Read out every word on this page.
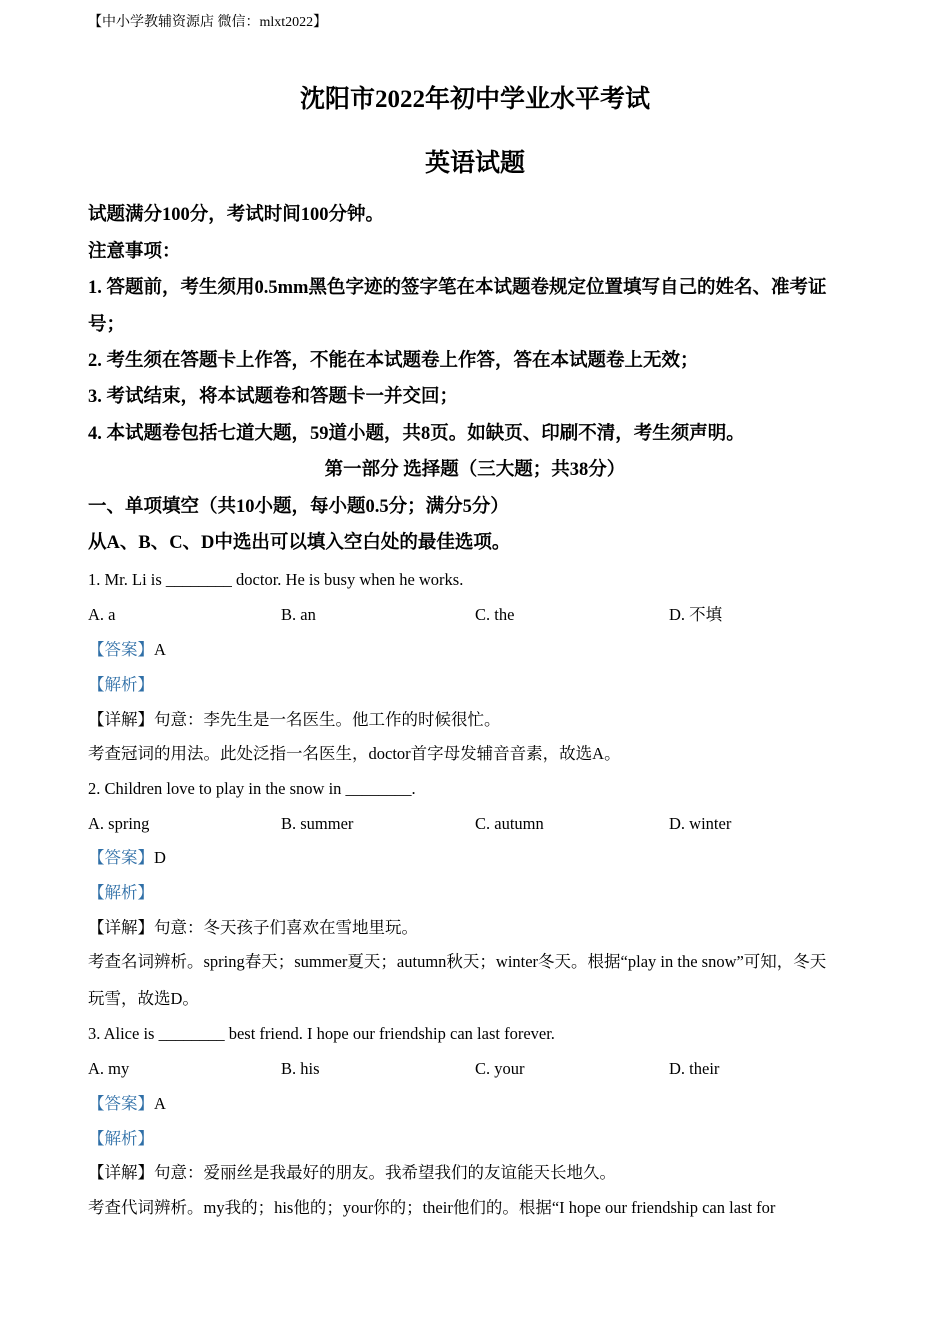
【中小学教辅资源店 微信：mlxt2022】
沈阳市2022年初中学业水平考试
英语试题
试题满分100分，考试时间100分钟。
注意事项：
1. 答题前，考生须用0.5mm黑色字迹的签字笔在本试题卷规定位置填写自己的姓名、准考证
号；
2. 考生须在答题卡上作答，不能在本试题卷上作答，答在本试题卷上无效；
3. 考试结束，将本试题卷和答题卡一并交回；
4. 本试题卷包括七道大题，59道小题，共8页。如缺页、印刷不清，考生须声明。
第一部分 选择题（三大题；共38分）
一、单项填空（共10小题，每小题0.5分；满分5分）
从A、B、C、D中选出可以填入空白处的最佳选项。
1. Mr. Li is ________ doctor. He is busy when he works.
A. a	B. an	C. the	D. 不填
【答案】A
【解析】
【详解】句意：李先生是一名医生。他工作的时候很忙。
考查冠词的用法。此处泛指一名医生，doctor首字母发辅音音素，故选A。
2. Children love to play in the snow in ________.
A. spring	B. summer	C. autumn	D. winter
【答案】D
【解析】
【详解】句意：冬天孩子们喜欢在雪地里玩。
考查名词辨析。spring春天；summer夏天；autumn秋天；winter冬天。根据“play in the snow”可知，冬天
玩雪，故选D。
3. Alice is ________ best friend. I hope our friendship can last forever.
A. my	B. his	C. your	D. their
【答案】A
【解析】
【详解】句意：爱丽丝是我最好的朋友。我希望我们的友谊能天长地久。
考查代词辨析。my我的；his他的；your你的；their他们的。根据“I hope our friendship can last for
